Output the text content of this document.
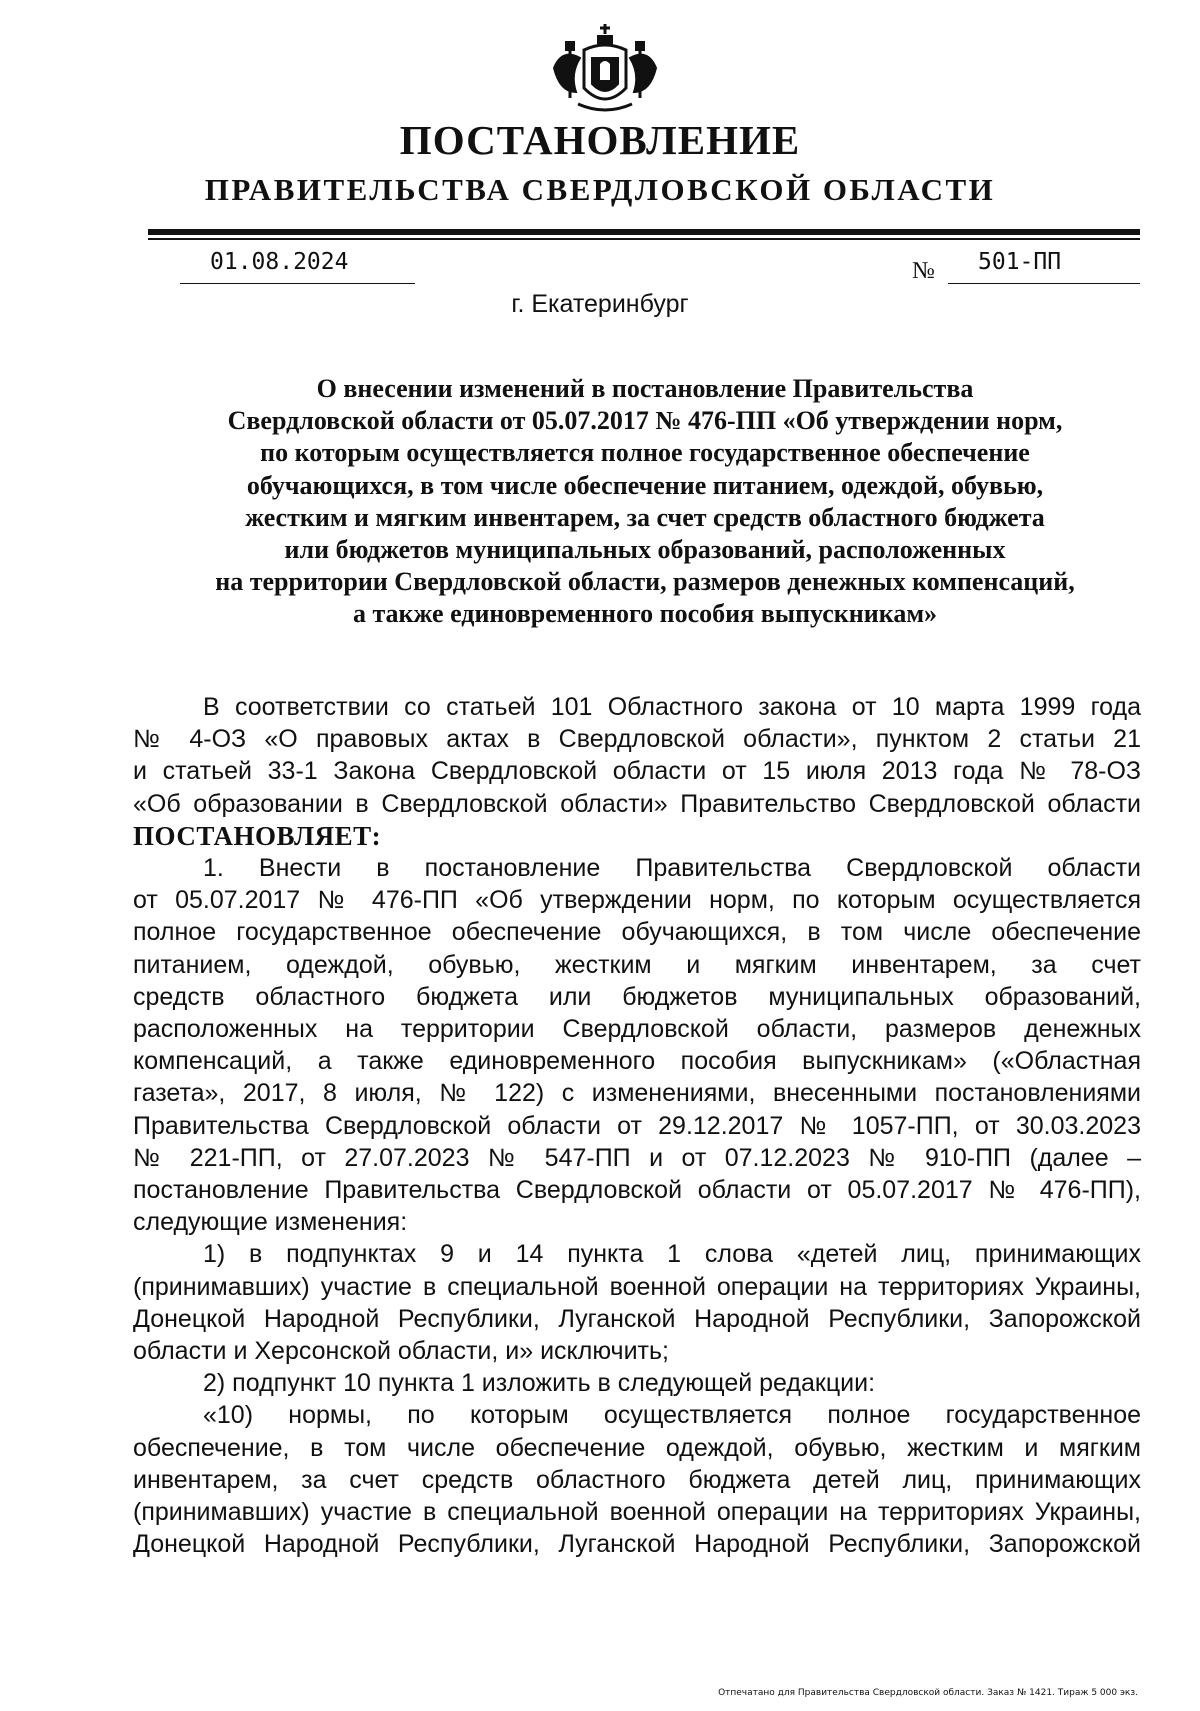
ПОСТАНОВЛЕНИЕ
ПРАВИТЕЛЬСТВА СВЕРДЛОВСКОЙ ОБЛАСТИ
01.08.2024	№	501-ПП
г. Екатеринбург
О внесении изменений в постановление Правительства
Свердловской области от 05.07.2017 № 476-ПП «Об утверждении норм,
по которым осуществляется полное государственное обеспечение
обучающихся, в том числе обеспечение питанием, одеждой, обувью,
жестким и мягким инвентарем, за счет средств областного бюджета
или бюджетов муниципальных образований, расположенных
на территории Свердловской области, размеров денежных компенсаций,
а также единовременного пособия выпускникам»
В соответствии со статьей 101 Областного закона от 10 марта 1999 года
№ 4-ОЗ «О правовых актах в Свердловской области», пунктом 2 статьи 21
и статьей 33-1 Закона Свердловской области от 15 июля 2013 года № 78-ОЗ
«Об образовании в Свердловской области» Правительство Свердловской области
ПОСТАНОВЛЯЕТ:
1. Внести в постановление Правительства Свердловской области
от 05.07.2017 № 476-ПП «Об утверждении норм, по которым осуществляется
полное государственное обеспечение обучающихся, в том числе обеспечение
питанием, одеждой, обувью, жестким и мягким инвентарем, за счет
средств областного бюджета или бюджетов муниципальных образований,
расположенных на территории Свердловской области, размеров денежных
компенсаций, а также единовременного пособия выпускникам» («Областная
газета», 2017, 8 июля, № 122) с изменениями, внесенными постановлениями
Правительства Свердловской области от 29.12.2017 № 1057-ПП, от 30.03.2023
№ 221-ПП, от 27.07.2023 № 547-ПП и от 07.12.2023 № 910-ПП (далее –
постановление Правительства Свердловской области от 05.07.2017 № 476-ПП),
следующие изменения:
1) в подпунктах 9 и 14 пункта 1 слова «детей лиц, принимающих
(принимавших) участие в специальной военной операции на территориях Украины,
Донецкой Народной Республики, Луганской Народной Республики, Запорожской
области и Херсонской области, и» исключить;
2) подпункт 10 пункта 1 изложить в следующей редакции:
«10) нормы, по которым осуществляется полное государственное
обеспечение, в том числе обеспечение одеждой, обувью, жестким и мягким
инвентарем, за счет средств областного бюджета детей лиц, принимающих
(принимавших) участие в специальной военной операции на территориях Украины,
Донецкой Народной Республики, Луганской Народной Республики, Запорожской
Отпечатано для Правительства Свердловской области. Заказ № 1421. Тираж 5 000 экз.
